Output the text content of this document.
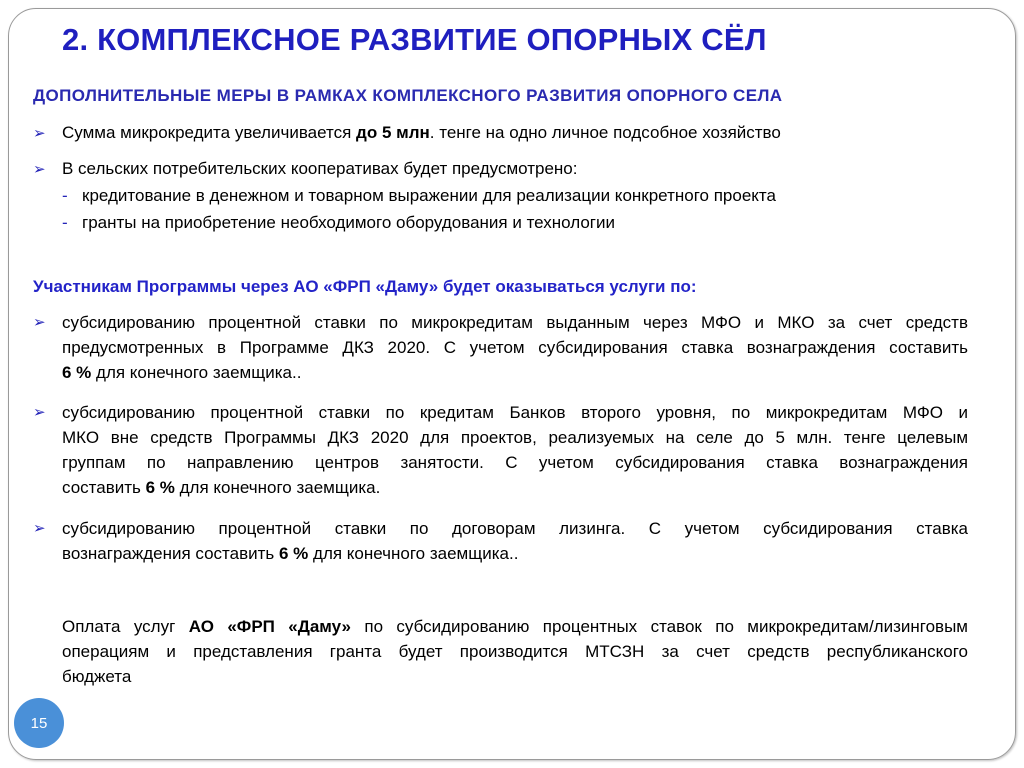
2. КОМПЛЕКСНОЕ РАЗВИТИЕ ОПОРНЫХ СЁЛ
ДОПОЛНИТЕЛЬНЫЕ МЕРЫ В РАМКАХ КОМПЛЕКСНОГО РАЗВИТИЯ ОПОРНОГО СЕЛА
➢ Сумма микрокредита увеличивается до 5 млн. тенге на одно личное подсобное хозяйство
➢ В сельских потребительских кооперативах будет предусмотрено:
- кредитование в денежном и товарном выражении для реализации конкретного проекта
- гранты на приобретение необходимого оборудования и технологии
Участникам Программы через АО «ФРП «Даму» будет оказываться услуги по:
➢ субсидированию процентной ставки по микрокредитам выданным через МФО и МКО за счет средств
предусмотренных в Программе ДКЗ 2020. С учетом субсидирования ставка вознаграждения составить
6 % для конечного заемщика..
➢ субсидированию процентной ставки по кредитам Банков второго уровня, по микрокредитам МФО и
МКО вне средств Программы ДКЗ 2020 для проектов, реализуемых на селе до 5 млн. тенге целевым
группам по направлению центров занятости. С учетом субсидирования ставка вознаграждения
составить 6 % для конечного заемщика.
➢ субсидированию процентной ставки по договорам лизинга. С учетом субсидирования ставка
вознаграждения составить 6 % для конечного заемщика..
Оплата услуг АО «ФРП «Даму» по субсидированию процентных ставок по микрокредитам/лизинговым
операциям и представления гранта будет производится МТСЗН за счет средств республиканского
бюджета
15
